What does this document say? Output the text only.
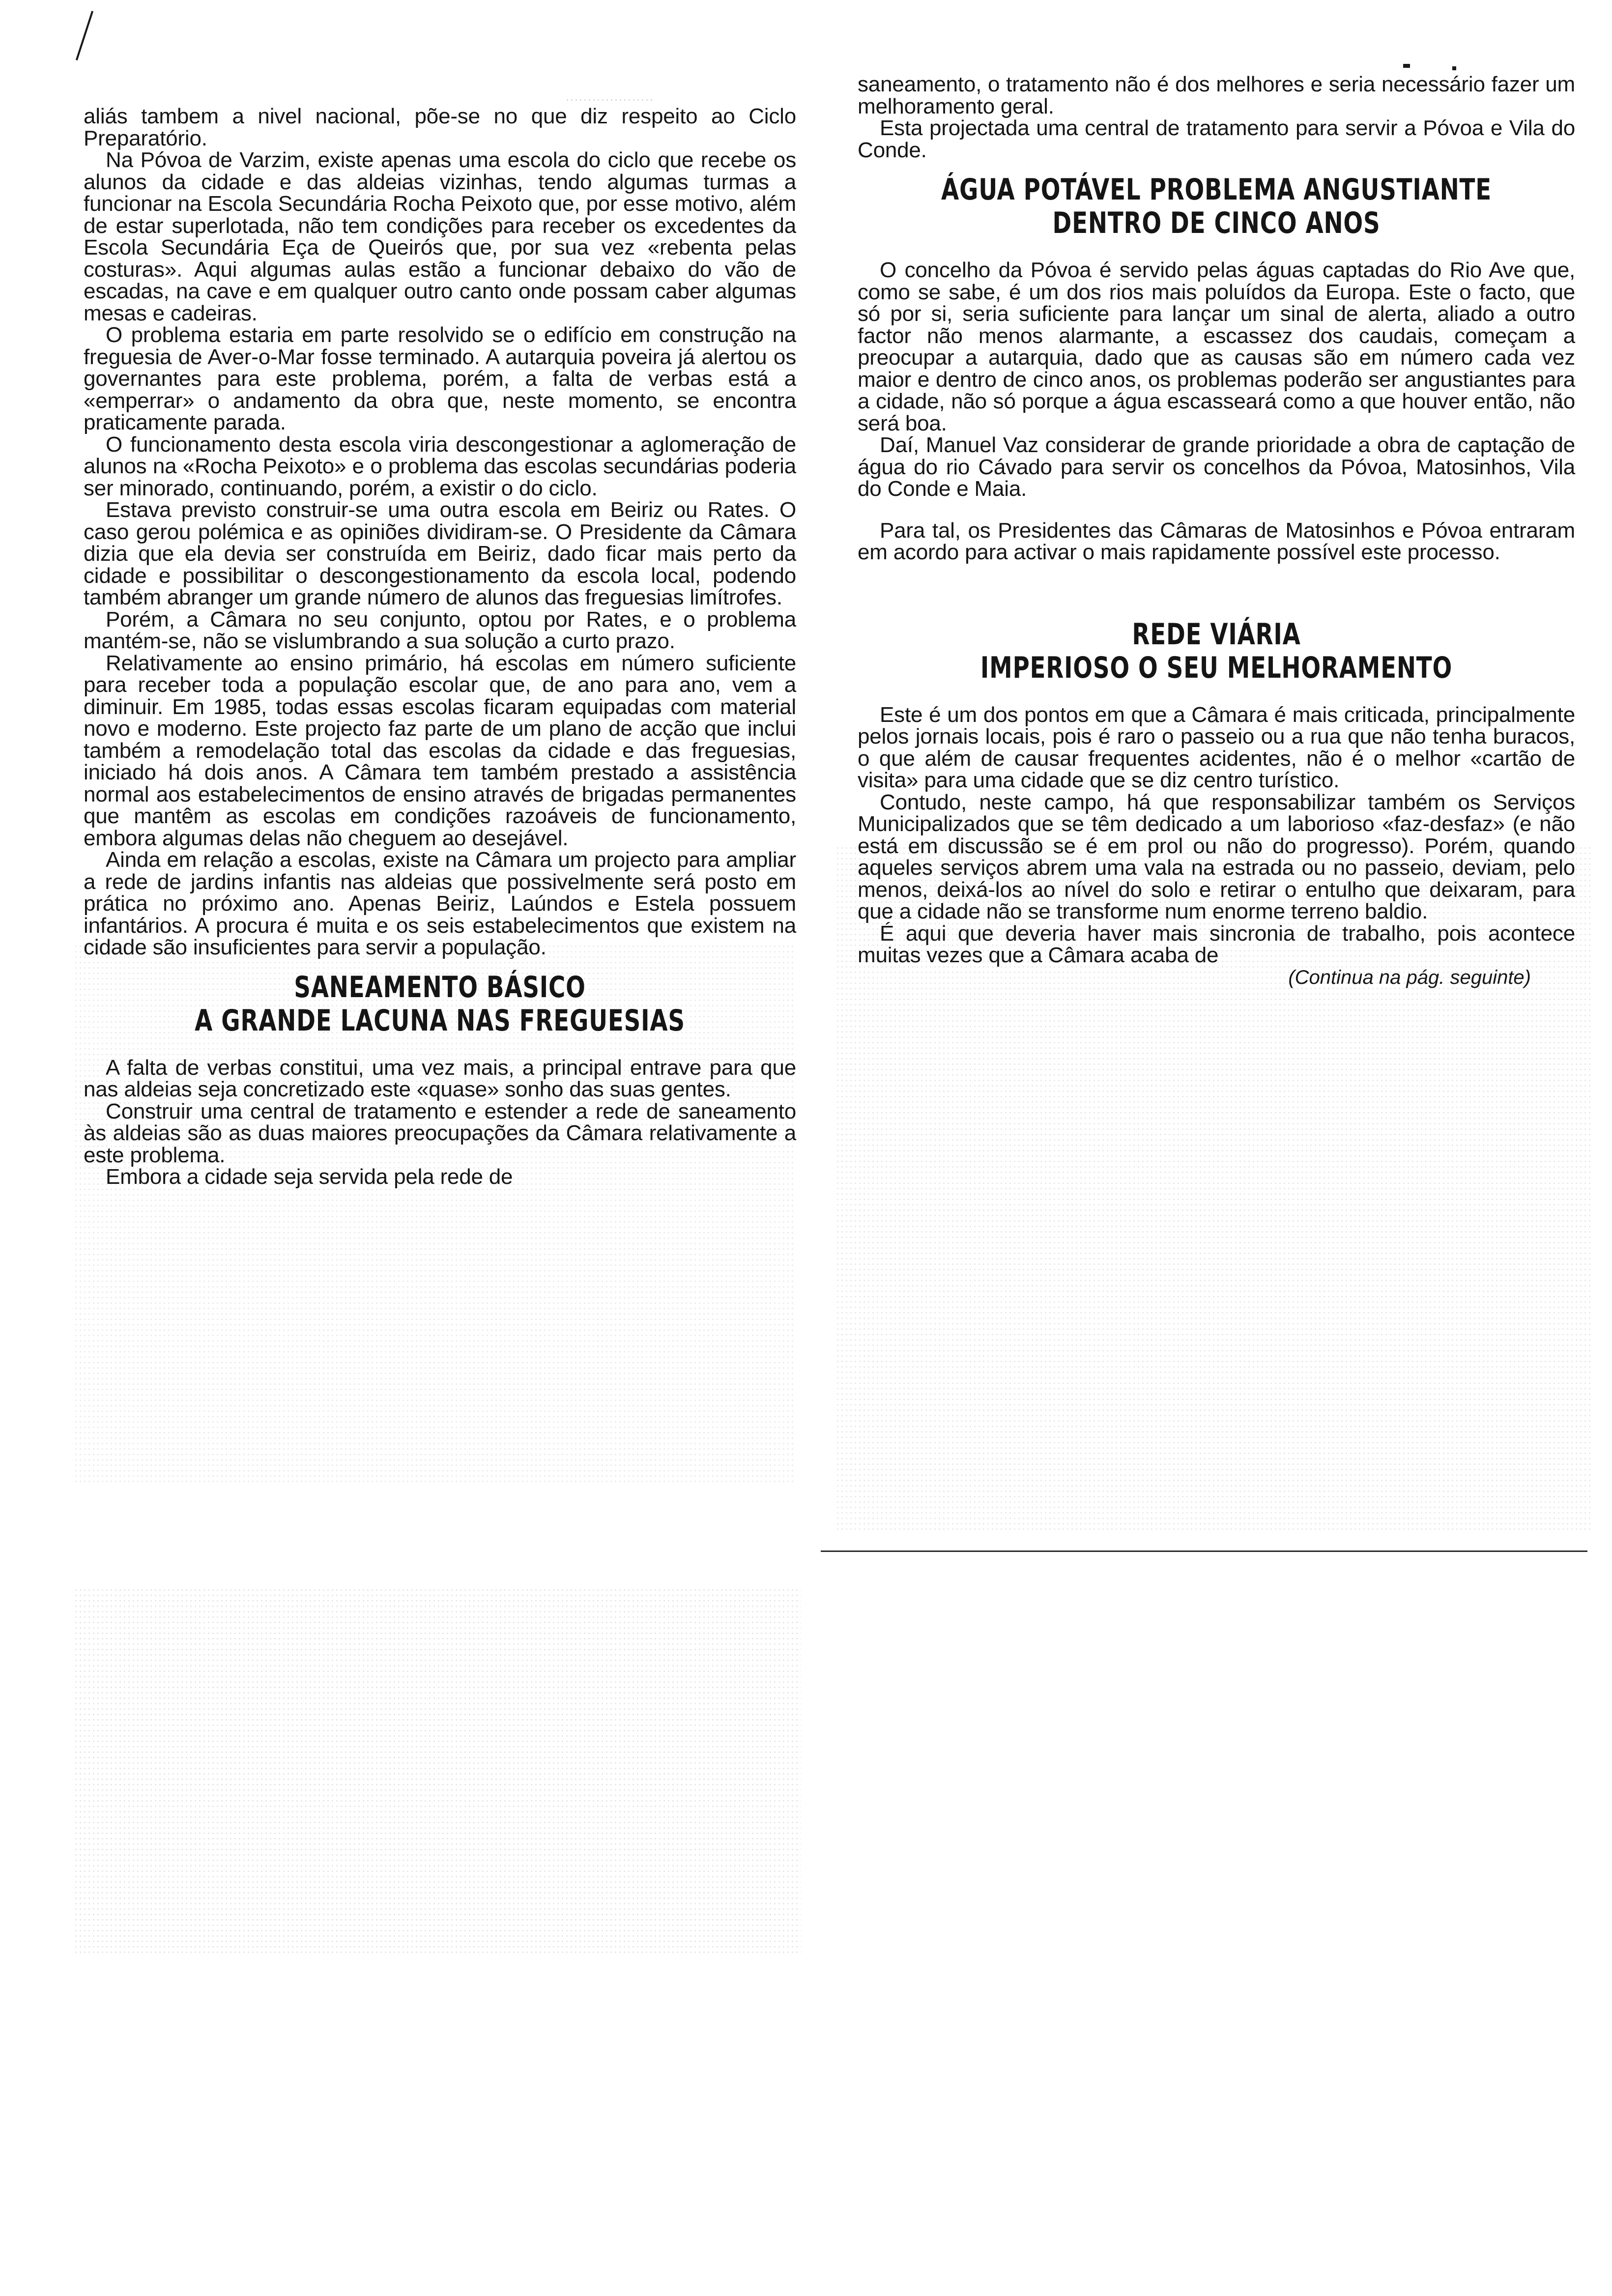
aliás tambem a nivel nacional, põe-se no que diz respeito ao Ciclo Preparatório.

Na Póvoa de Varzim, existe apenas uma escola do ciclo que recebe os alunos da cidade e das aldeias vizinhas, tendo algumas turmas a funcionar na Escola Secundária Rocha Peixoto que, por esse motivo, além de estar superlotada, não tem condições para receber os excedentes da Escola Secundária Eça de Queirós que, por sua vez «rebenta pelas costuras». Aqui algumas aulas estão a funcionar debaixo do vão de escadas, na cave e em qualquer outro canto onde possam caber algumas mesas e cadeiras.

O problema estaria em parte resolvido se o edifício em construção na freguesia de Aver-o-Mar fosse terminado. A autarquia poveira já alertou os governantes para este problema, porém, a falta de verbas está a «emperrar» o andamento da obra que, neste momento, se encontra praticamente parada.

O funcionamento desta escola viria descongestionar a aglomeração de alunos na «Rocha Peixoto» e o problema das escolas secundárias poderia ser minorado, continuando, porém, a existir o do ciclo.

Estava previsto construir-se uma outra escola em Beiriz ou Rates. O caso gerou polémica e as opiniões dividiram-se. O Presidente da Câmara dizia que ela devia ser construída em Beiriz, dado ficar mais perto da cidade e possibilitar o descongestionamento da escola local, podendo também abranger um grande número de alunos das freguesias limítrofes.

Porém, a Câmara no seu conjunto, optou por Rates, e o problema mantém-se, não se vislumbrando a sua solução a curto prazo.

Relativamente ao ensino primário, há escolas em número suficiente para receber toda a população escolar que, de ano para ano, vem a diminuir. Em 1985, todas essas escolas ficaram equipadas com material novo e moderno. Este projecto faz parte de um plano de acção que inclui também a remodelação total das escolas da cidade e das freguesias, iniciado há dois anos. A Câmara tem também prestado a assistência normal aos estabelecimentos de ensino através de brigadas permanentes que mantêm as escolas em condições razoáveis de funcionamento, embora algumas delas não cheguem ao desejável.

Ainda em relação a escolas, existe na Câmara um projecto para ampliar a rede de jardins infantis nas aldeias que possivelmente será posto em prática no próximo ano. Apenas Beiriz, Laúndos e Estela possuem infantários. A procura é muita e os seis estabelecimentos que existem na cidade são insuficientes para servir a população.

SANEAMENTO BÁSICO

A GRANDE LACUNA NAS FREGUESIAS

A falta de verbas constitui, uma vez mais, a principal entrave para que nas aldeias seja concretizado este «quase» sonho das suas gentes.

Construir uma central de tratamento e estender a rede de saneamento às aldeias são as duas maiores preocupações da Câmara relativamente a este problema.

Embora a cidade seja servida pela rede de

saneamento, o tratamento não é dos melhores e seria necessário fazer um melhoramento geral.

Esta projectada uma central de tratamento para servir a Póvoa e Vila do Conde.

ÁGUA POTÁVEL PROBLEMA ANGUSTIANTE

DENTRO DE CINCO ANOS

O concelho da Póvoa é servido pelas águas captadas do Rio Ave que, como se sabe, é um dos rios mais poluídos da Europa. Este o facto, que só por si, seria suficiente para lançar um sinal de alerta, aliado a outro factor não menos alarmante, a escassez dos caudais, começam a preocupar a autarquia, dado que as causas são em número cada vez maior e dentro de cinco anos, os problemas poderão ser angustiantes para a cidade, não só porque a água escasseará como a que houver então, não será boa.

Daí, Manuel Vaz considerar de grande prioridade a obra de captação de água do rio Cávado para servir os concelhos da Póvoa, Matosinhos, Vila do Conde e Maia.

Para tal, os Presidentes das Câmaras de Matosinhos e Póvoa entraram em acordo para activar o mais rapidamente possível este processo.

REDE VIÁRIA

IMPERIOSO O SEU MELHORAMENTO

Este é um dos pontos em que a Câmara é mais criticada, principalmente pelos jornais locais, pois é raro o passeio ou a rua que não tenha buracos, o que além de causar frequentes acidentes, não é o melhor «cartão de visita» para uma cidade que se diz centro turístico.

Contudo, neste campo, há que responsabilizar também os Serviços Municipalizados que se têm dedicado a um laborioso «faz-desfaz» (e não está em discussão se é em prol ou não do progresso). Porém, quando aqueles serviços abrem uma vala na estrada ou no passeio, deviam, pelo menos, deixá-los ao nível do solo e retirar o entulho que deixaram, para que a cidade não se transforme num enorme terreno baldio.

É aqui que deveria haver mais sincronia de trabalho, pois acontece muitas vezes que a Câmara acaba de

(Continua na pág. seguinte)
